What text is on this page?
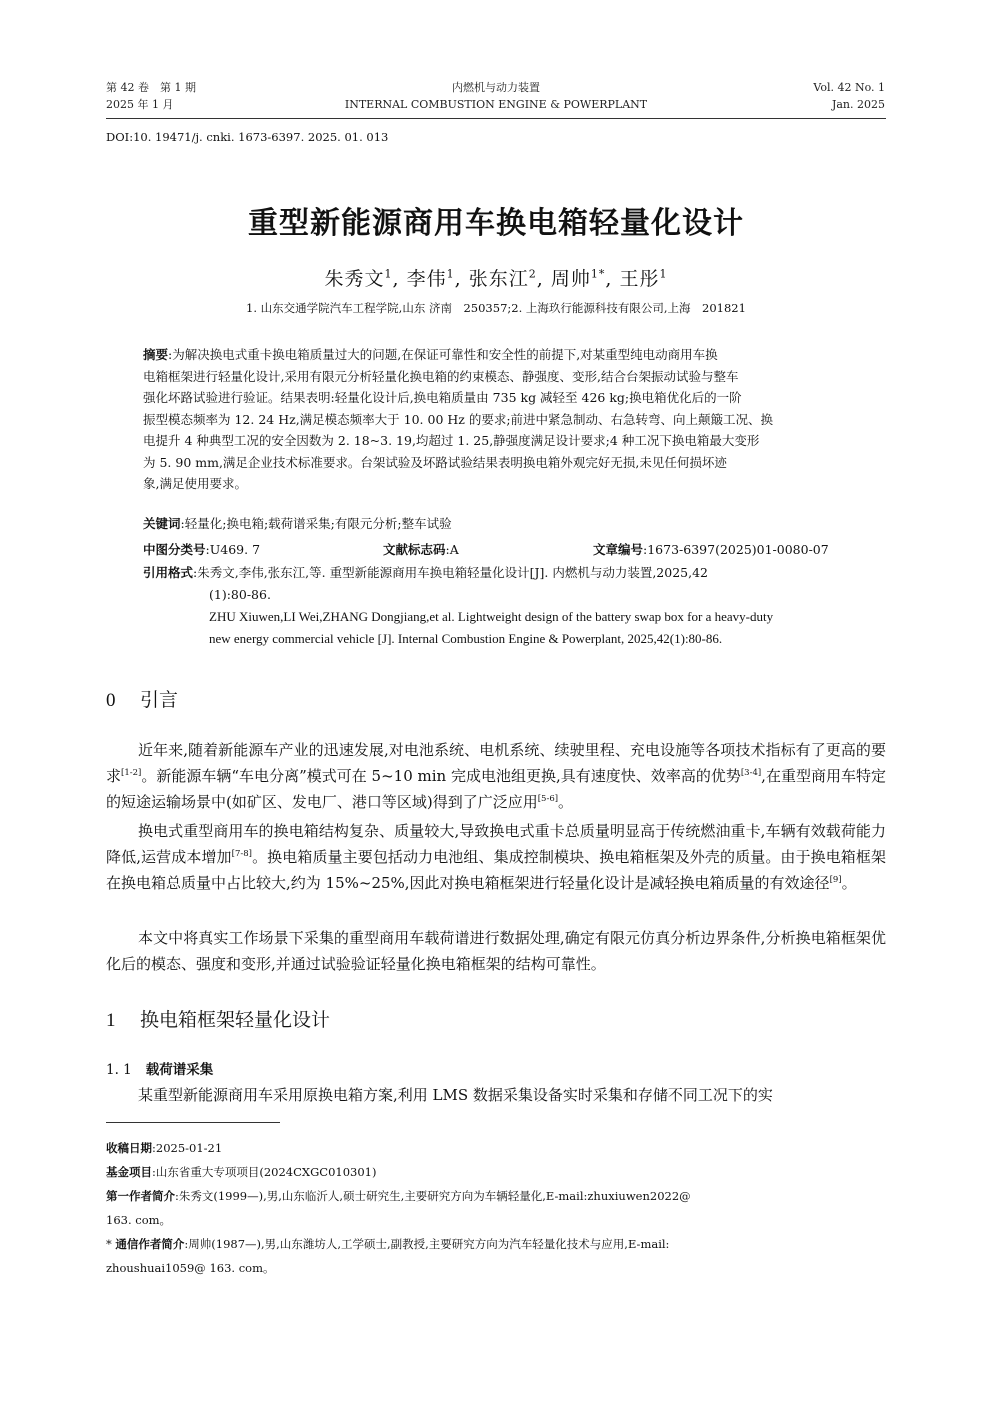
第 42 卷　第 1 期
2025 年 1 月
内燃机与动力装置
INTERNAL COMBUSTION ENGINE & POWERPLANT
Vol. 42 No. 1
Jan. 2025
DOI:10. 19471/j. cnki. 1673-6397. 2025. 01. 013
重型新能源商用车换电箱轻量化设计
朱秀文$^1$, 李伟$^1$, 张东江$^2$, 周帅$^{1*}$, 王彤$^1$
1. 山东交通学院汽车工程学院,山东 济南　250357;2. 上海玖行能源科技有限公司,上海　201821
摘要:为解决换电式重卡换电箱质量过大的问题,在保证可靠性和安全性的前提下,对某重型纯电动商用车换
电箱框架进行轻量化设计,采用有限元分析轻量化换电箱的约束模态、静强度、变形,结合台架振动试验与整车
强化坏路试验进行验证。结果表明:轻量化设计后,换电箱质量由 735 kg 减轻至 426 kg;换电箱优化后的一阶
振型模态频率为 12. 24 Hz,满足模态频率大于 10. 00 Hz 的要求;前进中紧急制动、右急转弯、向上颠簸工况、换
电提升 4 种典型工况的安全因数为 2. 18~3. 19,均超过 1. 25,静强度满足设计要求;4 种工况下换电箱最大变形
为 5. 90 mm,满足企业技术标准要求。台架试验及坏路试验结果表明换电箱外观完好无损,未见任何损坏迹
象,满足使用要求。
关键词:轻量化;换电箱;载荷谱采集;有限元分析;整车试验
中图分类号:U469. 7	文献标志码:A	文章编号:1673-6397(2025)01-0080-07
引用格式:朱秀文,李伟,张东江,等. 重型新能源商用车换电箱轻量化设计[J]. 内燃机与动力装置,2025,42
(1):80-86.
ZHU Xiuwen,LI Wei,ZHANG Dongjiang,et al. Lightweight design of the battery swap box for a heavy-duty
new energy commercial vehicle [J]. Internal Combustion Engine & Powerplant, 2025,42(1):80-86.
0 引言
近年来,随着新能源车产业的迅速发展,对电池系统、电机系统、续驶里程、充电设施等各项技术指标有了更高的要求[1-2]。新能源车辆“车电分离”模式可在 5~10 min 完成电池组更换,具有速度快、效率高的优势[3-4],在重型商用车特定的短途运输场景中(如矿区、发电厂、港口等区域)得到了广泛应用[5-6]。
换电式重型商用车的换电箱结构复杂、质量较大,导致换电式重卡总质量明显高于传统燃油重卡,车辆有效载荷能力降低,运营成本增加[7-8]。换电箱质量主要包括动力电池组、集成控制模块、换电箱框架及外壳的质量。由于换电箱框架在换电箱总质量中占比较大,约为 15%~25%,因此对换电箱框架进行轻量化设计是减轻换电箱质量的有效途径[9]。
本文中将真实工作场景下采集的重型商用车载荷谱进行数据处理,确定有限元仿真分析边界条件,分析换电箱框架优化后的模态、强度和变形,并通过试验验证轻量化换电箱框架的结构可靠性。
1 换电箱框架轻量化设计
1. 1 载荷谱采集
某重型新能源商用车采用原换电箱方案,利用 LMS 数据采集设备实时采集和存储不同工况下的实
收稿日期:2025-01-21
基金项目:山东省重大专项项目(2024CXGC010301)
第一作者简介:朱秀文(1999—),男,山东临沂人,硕士研究生,主要研究方向为车辆轻量化,E-mail:zhuxiuwen2022@
163. com。
* 通信作者简介:周帅(1987—),男,山东潍坊人,工学硕士,副教授,主要研究方向为汽车轻量化技术与应用,E-mail:
zhoushuai1059@ 163. com。
